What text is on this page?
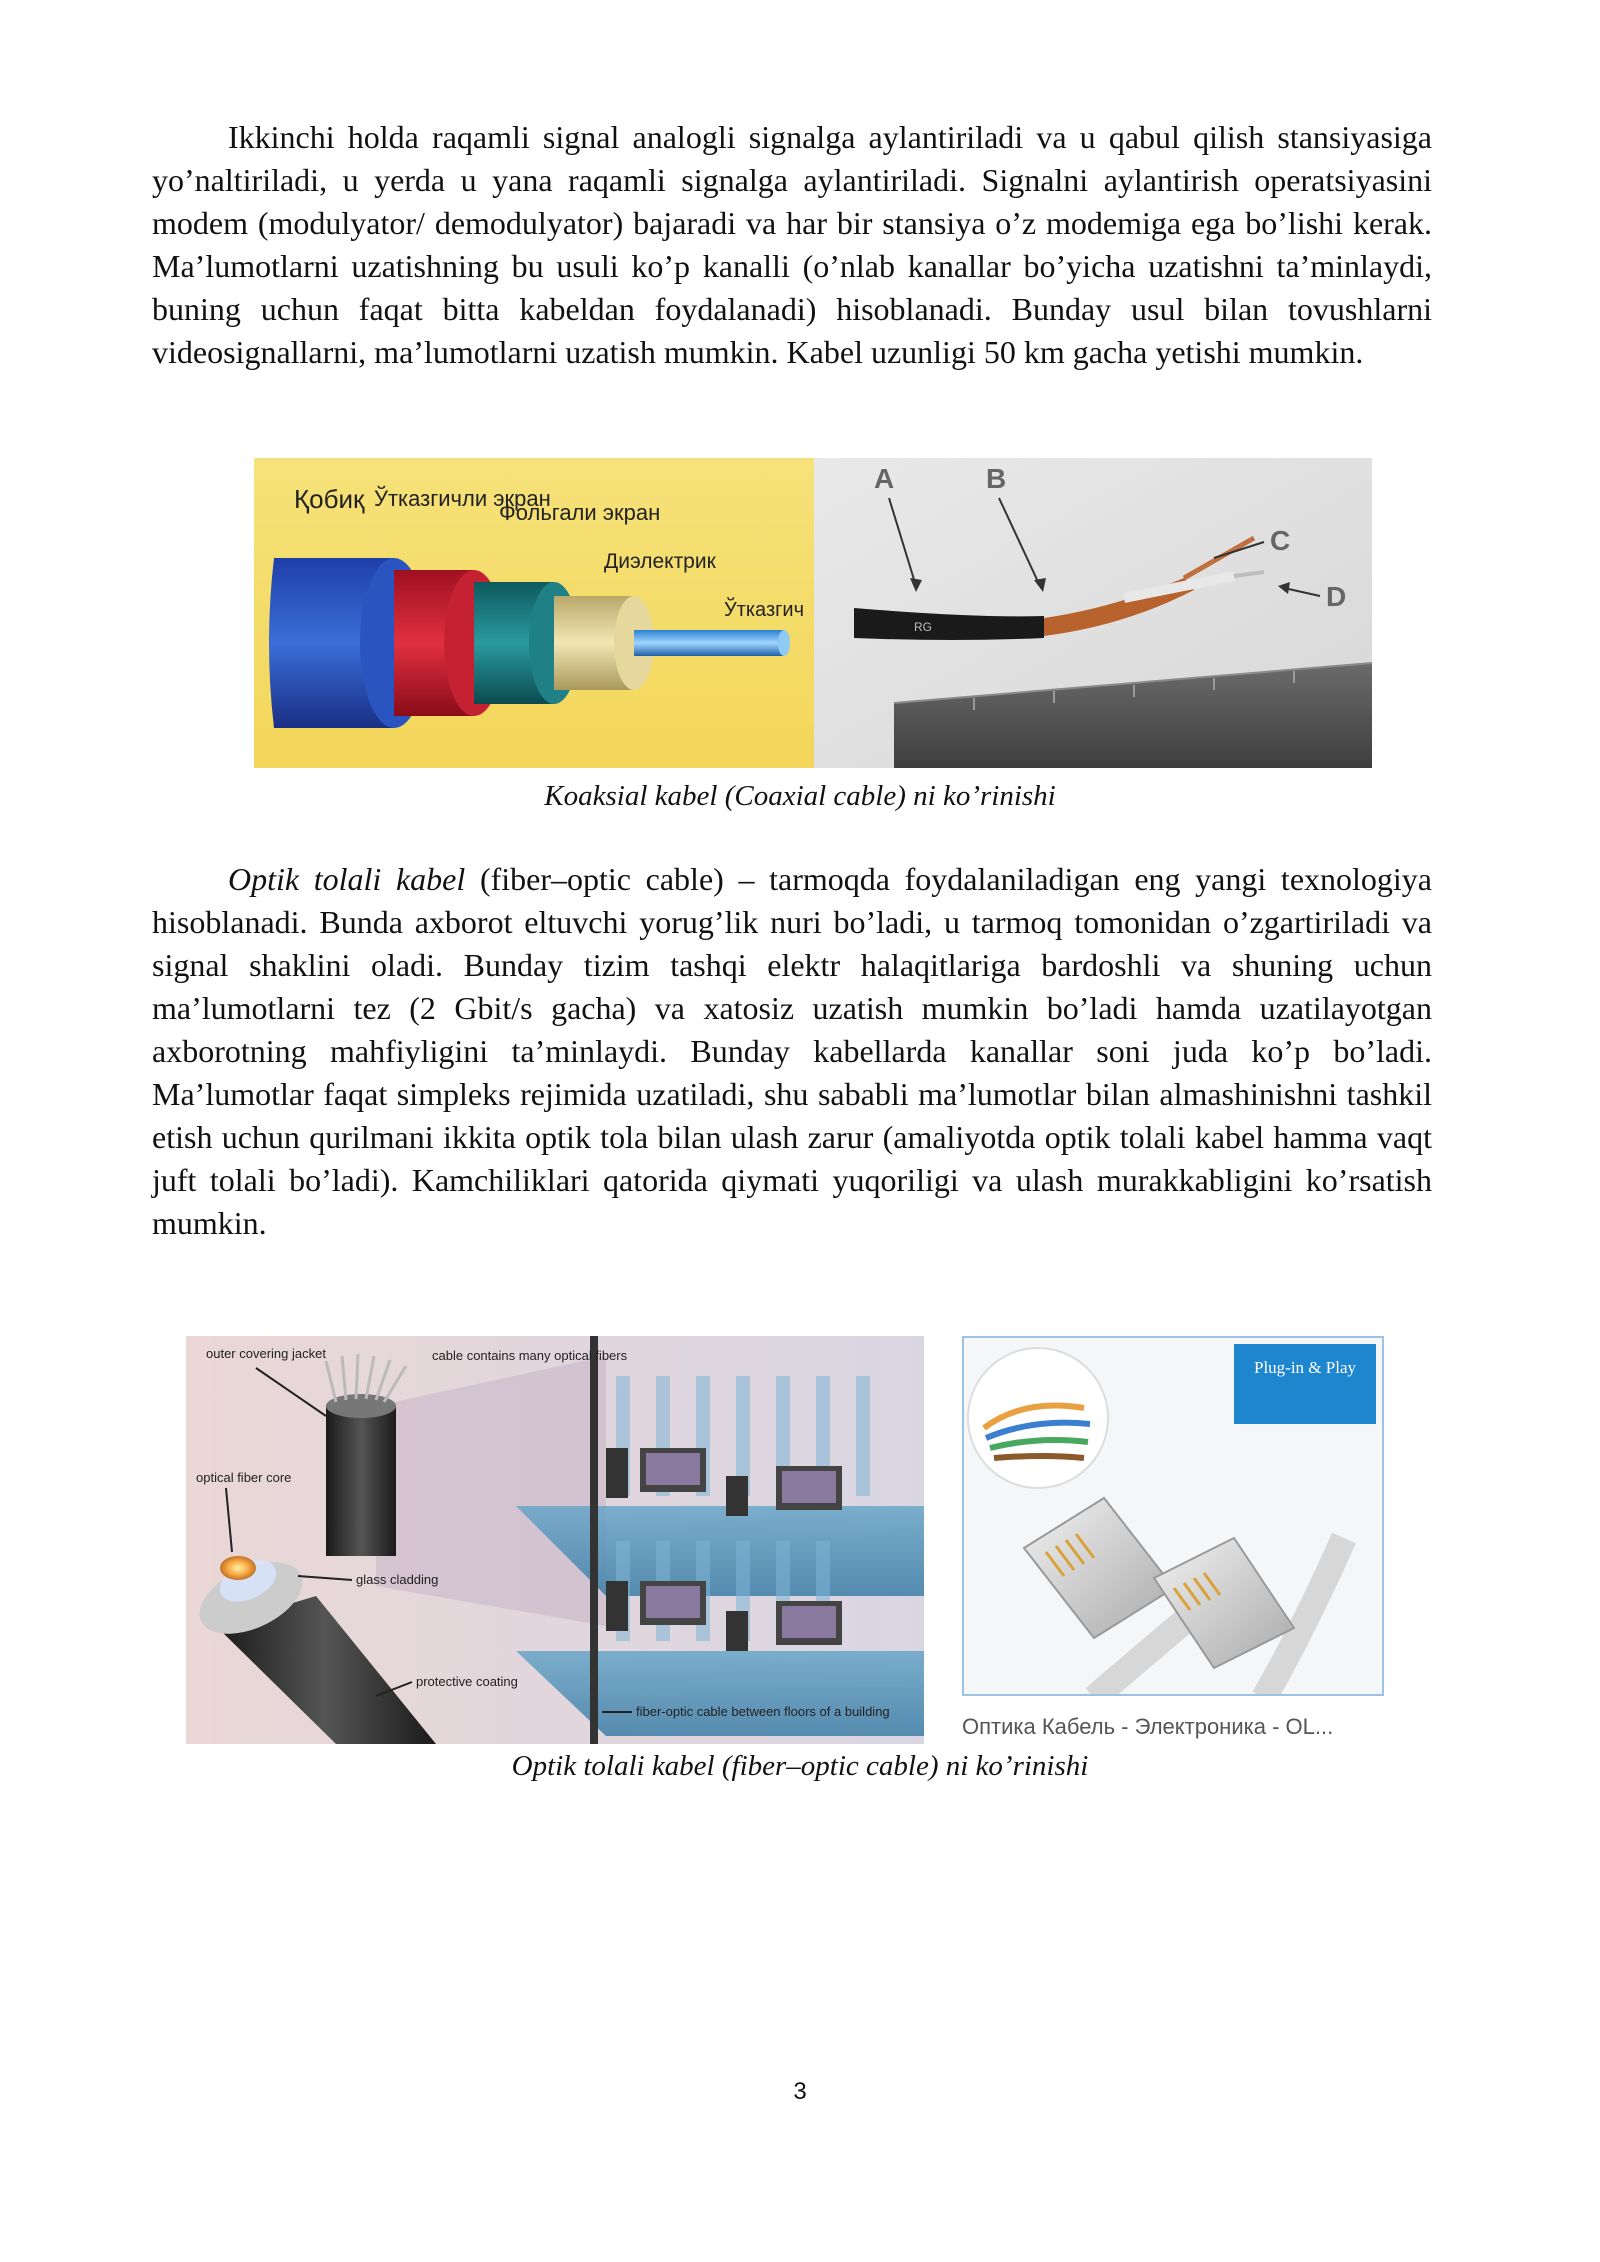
Ikkinchi holda raqamli signal analogli signalga aylantiriladi va u qabul qilish stansiyasiga yo’naltiriladi, u yerda u yana raqamli signalga aylantiriladi. Signalni aylantirish operatsiyasini modem (modulyator/ demodulyator) bajaradi va har bir stansiya o’z modemiga ega bo’lishi kerak. Ma’lumotlarni uzatishning bu usuli ko’p kanalli (o’nlab kanallar bo’yicha uzatishni ta’minlaydi, buning uchun faqat bitta kabeldan foydalanadi) hisoblanadi. Bunday usul bilan tovushlarni videosignallarni, ma’lumotlarni uzatish mumkin. Kabel uzunligi 50 km gacha yetishi mumkin.

Қобиқ Ўтказгичли экран
Фольгали экран
Диэлектрик
Ўтказгич
RG
A	B
C
D
Koaksial kabel (Coaxial cable) ni ko’rinishi

Optik tolali kabel (fiber–optic cable) – tarmoqda foydalaniladigan eng yangi texnologiya hisoblanadi. Bunda axborot eltuvchi yorug’lik nuri bo’ladi, u tarmoq tomonidan o’zgartiriladi va signal shaklini oladi. Bunday tizim tashqi elektr halaqitlariga bardoshli va shuning uchun ma’lumotlarni tez (2 Gbit/s gacha) va xatosiz uzatish mumkin bo’ladi hamda uzatilayotgan axborotning mahfiyligini ta’minlaydi. Bunday kabellarda kanallar soni juda ko’p bo’ladi. Ma’lumotlar faqat simpleks rejimida uzatiladi, shu sababli ma’lumotlar bilan almashinishni tashkil etish uchun qurilmani ikkita optik tola bilan ulash zarur (amaliyotda optik tolali kabel hamma vaqt juft tolali bo’ladi). Kamchiliklari qatorida qiymati yuqoriligi va ulash murakkabligini ko’rsatish mumkin.

outer covering jacket	cable contains many optical fibers
optical fiber core
glass cladding
protective coating
fiber-optic cable between floors of a building
Plug-in & Play
Оптика Кабель - Электроника - OL...
Optik tolali kabel (fiber–optic cable) ni ko’rinishi
3
